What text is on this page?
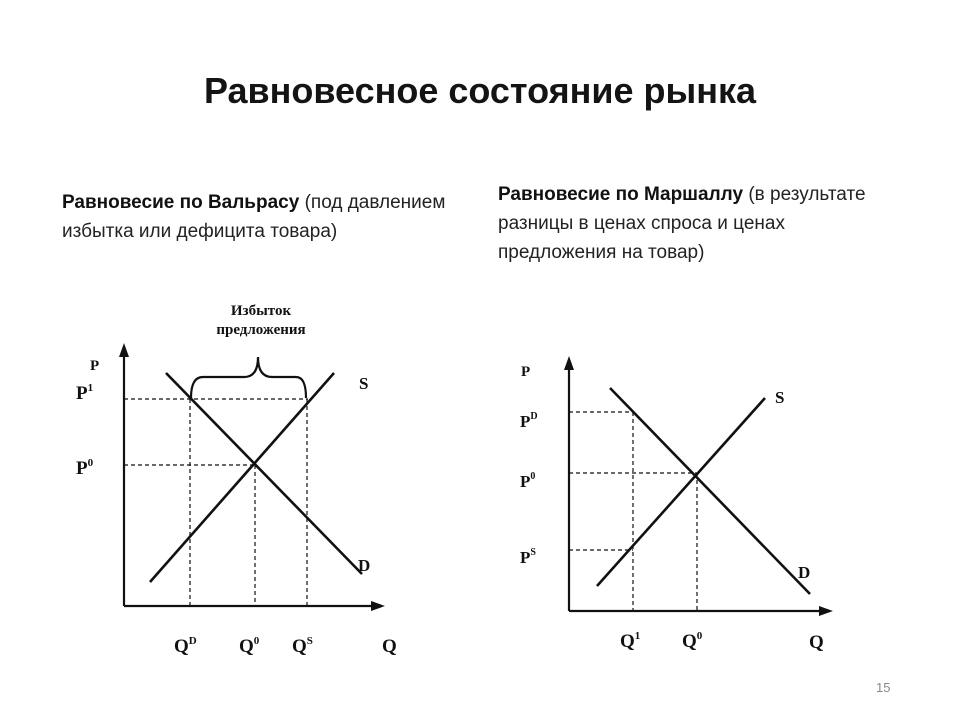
Равновесное состояние рынка
Равновесие по Вальрасу (под давлением избытка или дефицита товара)
Равновесие по Маршаллу (в результате разницы в ценах спроса и ценах предложения на товар)
Избыток
предложения
P
$P^1$
$P^0$
S
D
$Q^D$ $Q^0$ $Q^S$	Q
P
$P^D$
$P^0$
$P^S$
S
D
$Q^1$ $Q^0$	Q
15
